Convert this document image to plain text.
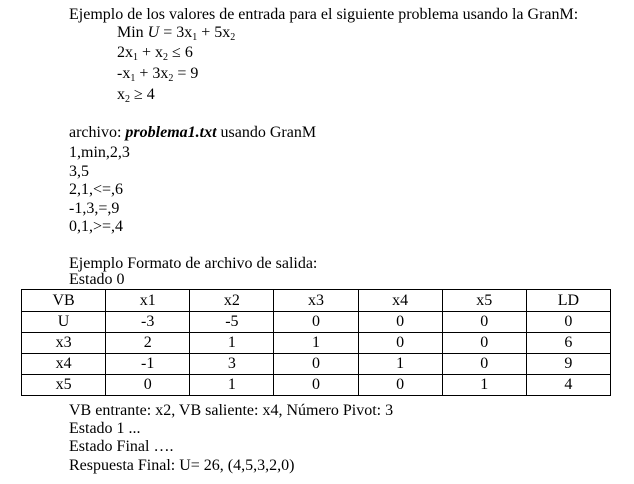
Ejemplo de los valores de entrada para el siguiente problema usando la GranM:
Min $U = 3x_1 + 5x_2$
$2x_1 + x_2 \le 6$
$-x_1 + 3x_2 = 9$
$x_2 \ge 4$
archivo: problema1.txt usando GranM
1,min,2,3
3,5
2,1,<=,6
-1,3,=,9
0,1,>=,4
Ejemplo Formato de archivo de salida:
Estado 0
VB	x1	x2	x3	x4	x5	LD
U	-3	-5	0	0	0	0
x3	2	1	1	0	0	6
x4	-1	3	0	1	0	9
x5	0	1	0	0	1	4
VB entrante: x2, VB saliente: x4, Número Pivot: 3
Estado 1 ...
Estado Final ….
Respuesta Final: U= 26, (4,5,3,2,0)
